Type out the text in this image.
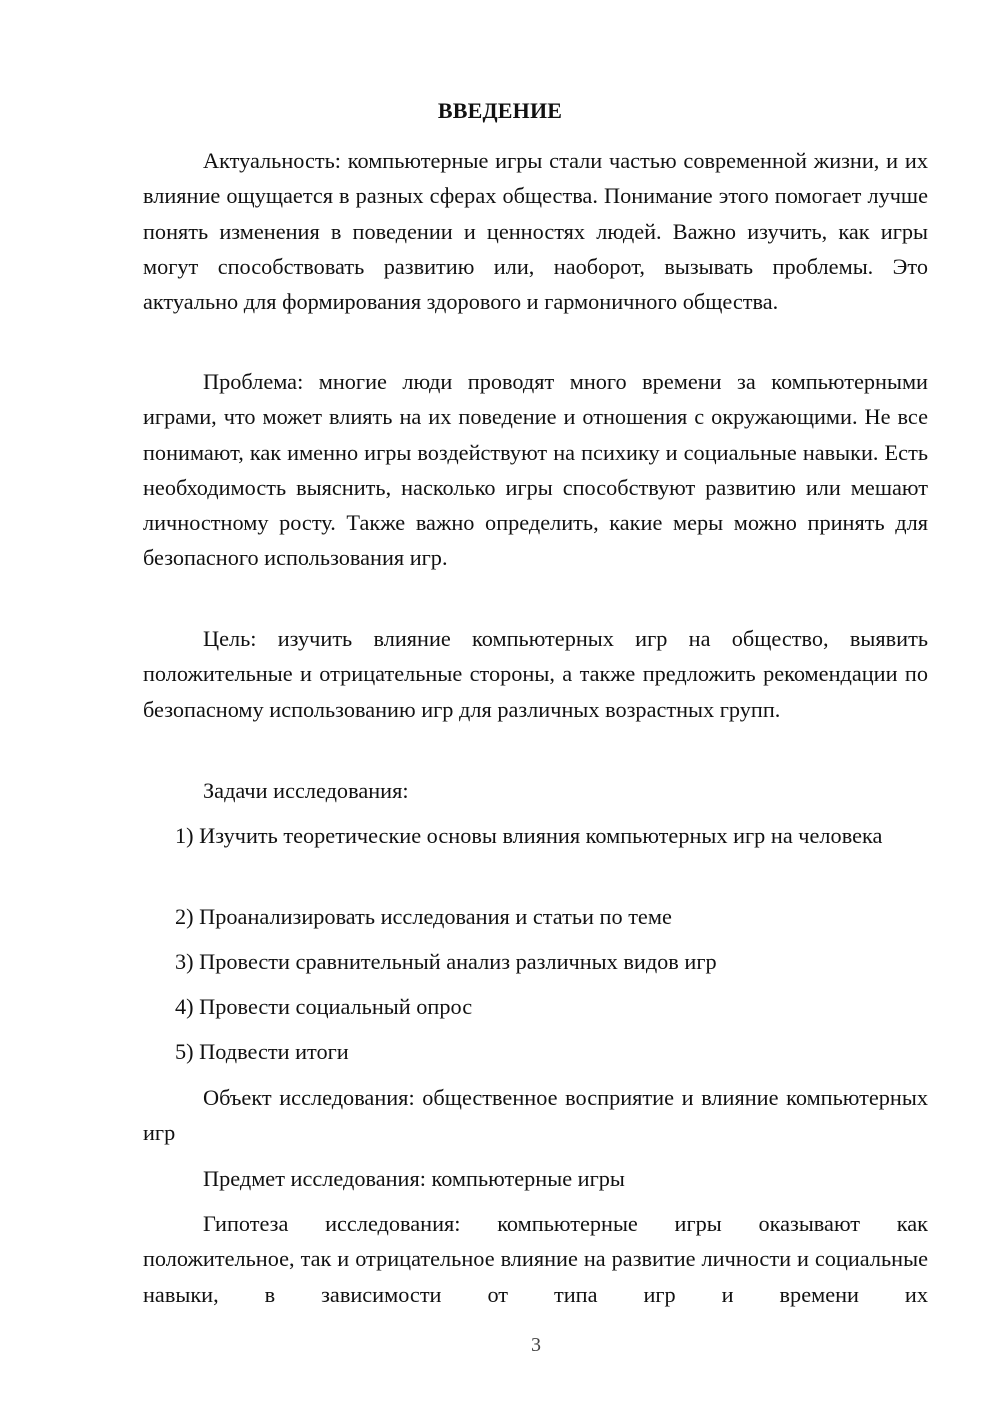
ВВЕДЕНИЕ

Актуальность: компьютерные игры стали частью современной жизни, и их влияние ощущается в разных сферах общества. Понимание этого помогает лучше понять изменения в поведении и ценностях людей. Важно изучить, как игры могут способствовать развитию или, наоборот, вызывать проблемы. Это актуально для формирования здорового и гармоничного общества.

Проблема: многие люди проводят много времени за компьютерными играми, что может влиять на их поведение и отношения с окружающими. Не все понимают, как именно игры воздействуют на психику и социальные навыки. Есть необходимость выяснить, насколько игры способствуют развитию или мешают личностному росту. Также важно определить, какие меры можно принять для безопасного использования игр.

Цель: изучить влияние компьютерных игр на общество, выявить положительные и отрицательные стороны, а также предложить рекомендации по безопасному использованию игр для различных возрастных групп.

Задачи исследования:

1) Изучить теоретические основы влияния компьютерных игр на человека

2) Проанализировать исследования и статьи по теме

3) Провести сравнительный анализ различных видов игр

4) Провести социальный опрос

5) Подвести итоги

Объект исследования: общественное восприятие и влияние компьютерных игр

Предмет исследования: компьютерные игры

Гипотеза исследования: компьютерные игры оказывают как положительное, так и отрицательное влияние на развитие личности и социальные навыки, в зависимости от типа игр и времени их

3
